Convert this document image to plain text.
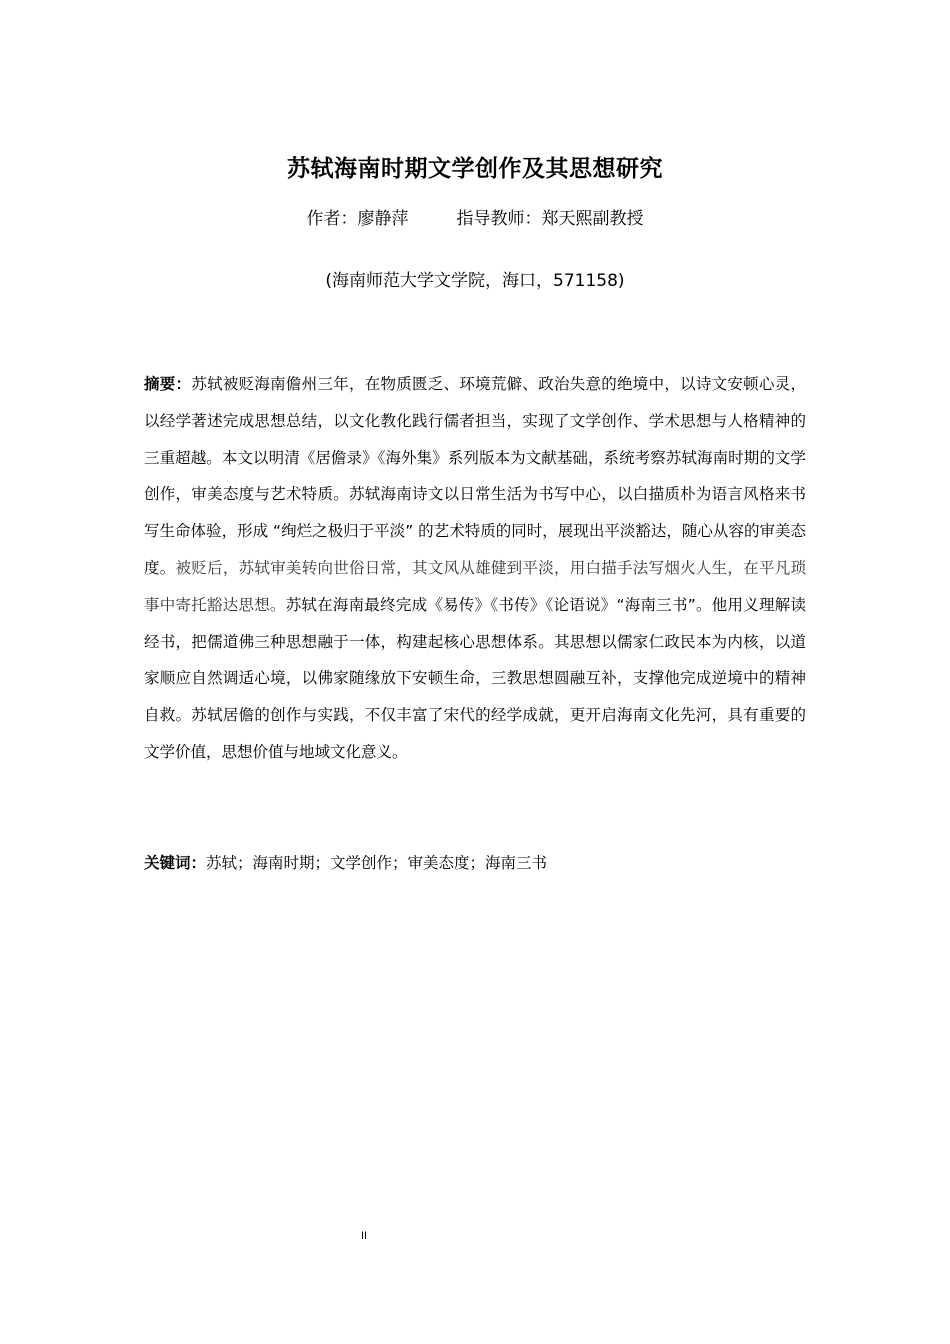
苏轼海南时期文学创作及其思想研究
作者：廖静萍	指导教师：郑天熙副教授
(海南师范大学文学院，海口，571158)
摘要：苏轼被贬海南儋州三年，在物质匮乏、环境荒僻、政治失意的绝境中，以诗文安顿心灵，以经学著述完成思想总结，以文化教化践行儒者担当，实现了文学创作、学术思想与人格精神的三重超越。本文以明清《居儋录》《海外集》系列版本为文献基础，系统考察苏轼海南时期的文学创作，审美态度与艺术特质。苏轼海南诗文以日常生活为书写中心，以白描质朴为语言风格来书写生命体验，形成 “绚烂之极归于平淡” 的艺术特质的同时，展现出平淡豁达，随心从容的审美态度。被贬后，苏轼审美转向世俗日常，其文风从雄健到平淡，用白描手法写烟火人生，在平凡琐事中寄托豁达思想。苏轼在海南最终完成《易传》《书传》《论语说》“海南三书”。他用义理解读经书，把儒道佛三种思想融于一体，构建起核心思想体系。其思想以儒家仁政民本为内核，以道家顺应自然调适心境，以佛家随缘放下安顿生命，三教思想圆融互补，支撑他完成逆境中的精神自救。苏轼居儋的创作与实践，不仅丰富了宋代的经学成就，更开启海南文化先河，具有重要的文学价值，思想价值与地域文化意义。
关键词：苏轼；海南时期；文学创作；审美态度；海南三书
II
